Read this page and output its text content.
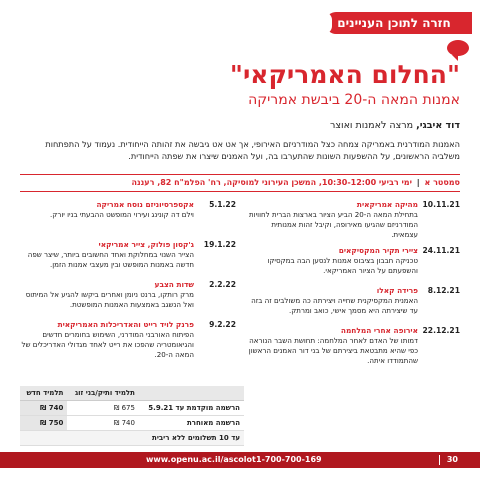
חזרה לתוכן העניינים
"החלום האמריקאי"
אמנות המאה ה-20 ביבשת אמריקה
דוד איבגי, מרצה לאמנות ואוצר
האמנות המודרנית באמריקה צמחה כצל המודרניזם האירופי, אך אט אט גיבשה את זהותה הייחודית. נעמוד על התפתחות משלביה הראשונים, על ההשפעות השונות שהתערבו בה, ועל האמנים שיצרו את שפתה הייחודית.
סמסטר א | ימי רביעי 10:30-12:00, המשכן העירוני למוסיקה, רח' הפלמ"ח 82, רעננה
10.11.21
מהיקה אמריקאית
בתחילת המאה ה-20 הביע הציור בארצות הברית לחוויות המודרניזם שהגיעו מאירופה, וקיבל זהות אמנותית עצמאית.
24.11.21
ציירי תקיר המקסיקאים
טכניקה חבבון בציבוס אמנות לנסען הבה במקסיקו והשפעתם על הציור האמריקאי.
8.12.21
פרידה קאלו
האמנית המקסיקנית שחייה ויצירתה כה משולבים זה בזה עד שיצירתה היא מסמך אישי, כואב ומרתק.
22.12.21
אירופה אחרי המלחמה
דמותו של האדם לאחר המלחמה: תחושת השבר הנוראה כפי שהיא מתבטאת ביצירתם של בני דור האמנים הראשון שהתמודדו איתה.
5.1.22
אקספרסיוניזם נוסח אמריקה
וילם דה קונינג ועירוי המופשט ההבעתי בניו יורק.
19.1.22
ג'קסון פולוק, צייר אמריקאי
הצייר השנוי במחלוקת ואחד החשובים ביותר, שיצר שפה חדשה באמנות המופשט ובין מעצבי אמנות הזמן.
2.2.22
שדות הצבע
מרק רותקו, ברנט ניומן ואחרים ביקשו להגיע אל המיתוס ואל הנשגב באמצעות האמנות המופשטת.
9.2.22
פרנק לויד רייט והאדריכלות האמריקאית
הפיתוח האורבני המודרני, השימוש בחומרים חדשים והגיאומטריה שהפכו את רייט לאחד מגדולי האדריכלים של המאה ה-20.
	תלמיד ותיק/בני זוג	תלמיד חדש
הרשמה מוקדמת עד 5.9.21	675 ₪	740 ₪
הרשמה מאוחרת	740 ₪	750 ₪
עד 10 תשלומים ללא ריבית		
www.openu.ac.il/ascolot 1-700-700-169	30
